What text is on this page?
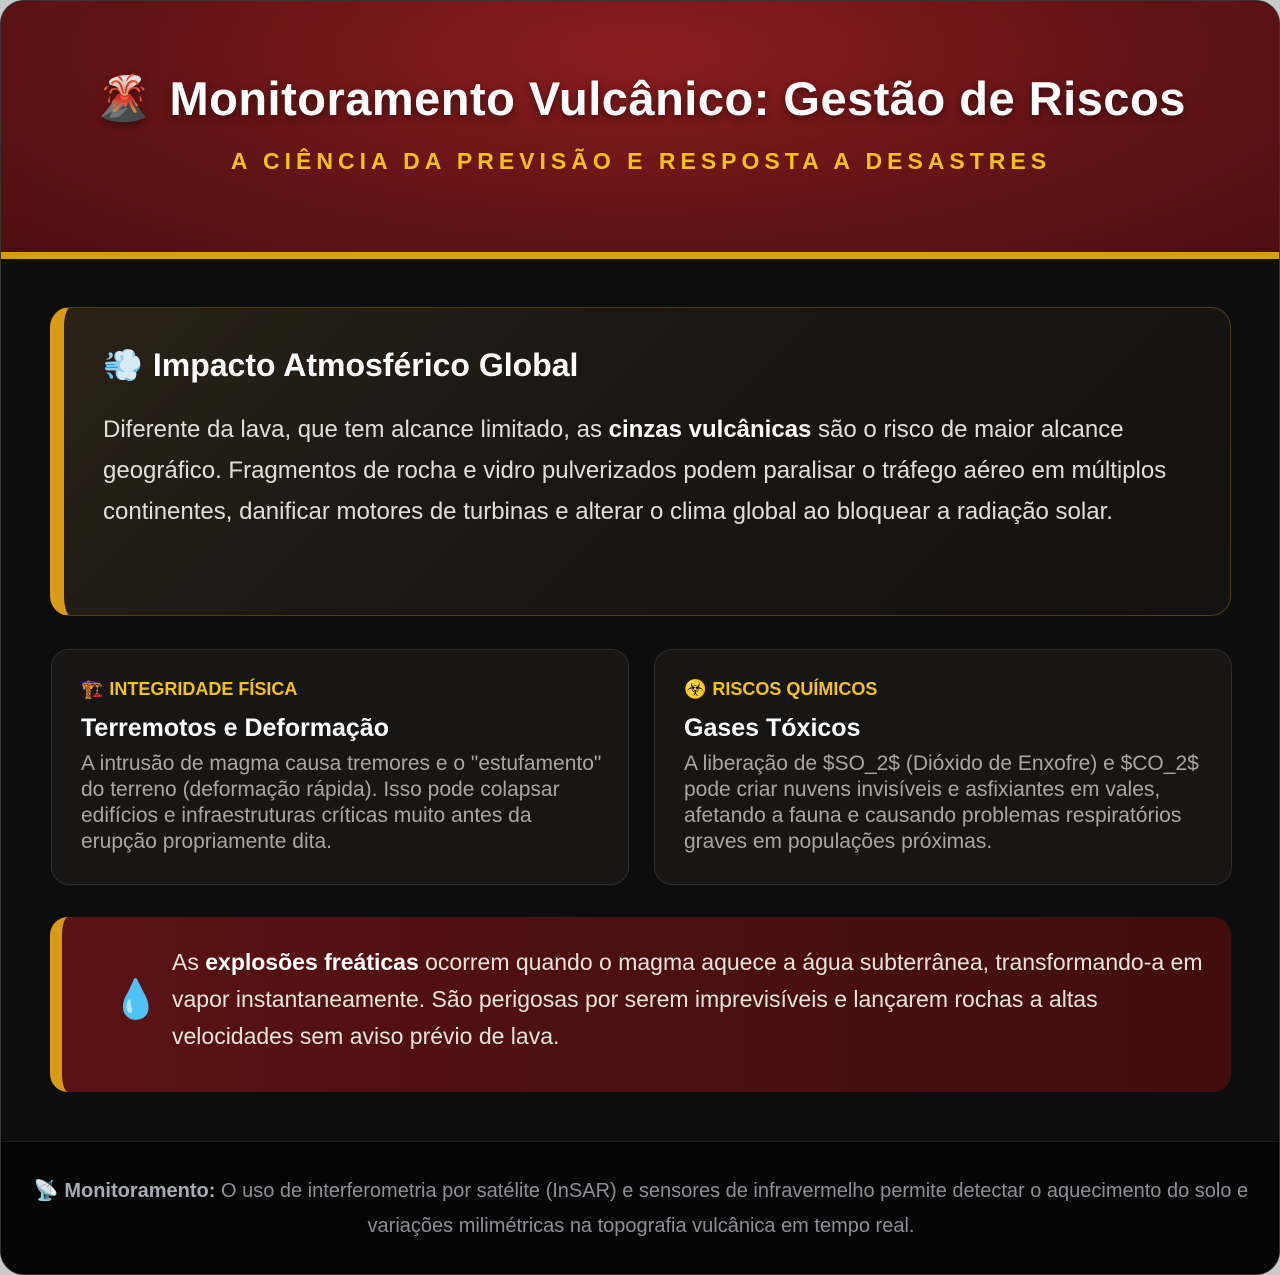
🌋 Monitoramento Vulcânico: Gestão de Riscos
A CIÊNCIA DA PREVISÃO E RESPOSTA A DESASTRES
💨 Impacto Atmosférico Global

Diferente da lava, que tem alcance limitado, as cinzas vulcânicas são o risco de maior alcance geográfico. Fragmentos de rocha e vidro pulverizados podem paralisar o tráfego aéreo em múltiplos continentes, danificar motores de turbinas e alterar o clima global ao bloquear a radiação solar.

🏗️ INTEGRIDADE FÍSICA
Terremotos e Deformação

A intrusão de magma causa tremores e o "estufamento" do terreno (deformação rápida). Isso pode colapsar edifícios e infraestruturas críticas muito antes da erupção propriamente dita.

☣️ RISCOS QUÍMICOS
Gases Tóxicos

A liberação de $SO_2$ (Dióxido de Enxofre) e $CO_2$ pode criar nuvens invisíveis e asfixiantes em vales, afetando a fauna e causando problemas respiratórios graves em populações próximas.

💧

As explosões freáticas ocorrem quando o magma aquece a água subterrânea, transformando-a em vapor instantaneamente. São perigosas por serem imprevisíveis e lançarem rochas a altas velocidades sem aviso prévio de lava.

📡 Monitoramento: O uso de interferometria por satélite (InSAR) e sensores de infravermelho permite detectar o aquecimento do solo e variações milimétricas na topografia vulcânica em tempo real.
